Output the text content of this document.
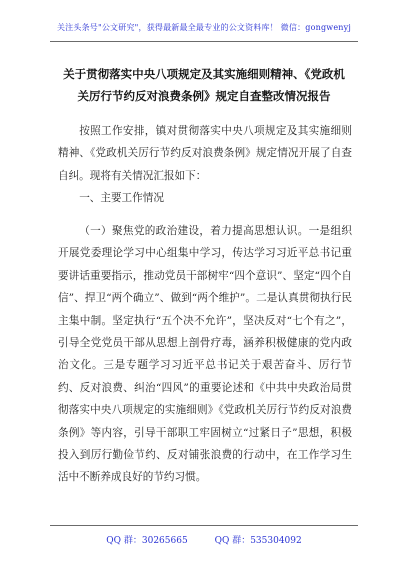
关注头条号"公文研究"，获得最新最全最专业的公文资料库！ 微信：gongwenyj
关于贯彻落实中央八项规定及其实施细则精神、《党政机关厉行节约反对浪费条例》规定自查整改情况报告
按照工作安排，镇对贯彻落实中央八项规定及其实施细则精神、《党政机关厉行节约反对浪费条例》规定情况开展了自查自纠。现将有关情况汇报如下：
一、主要工作情况
（一）聚焦党的政治建设，着力提高思想认识。一是组织开展党委理论学习中心组集中学习，传达学习习近平总书记重要讲话重要指示，推动党员干部树牢“四个意识”、坚定“四个自信”、捍卫“两个确立”、做到“两个维护”。二是认真贯彻执行民主集中制。坚定执行“五个决不允许”，坚决反对“七个有之”，引导全党党员干部从思想上剖骨疗毒，涵养积极健康的党内政治文化。三是专题学习习近平总书记关于艰苦奋斗、厉行节约、反对浪费、纠治“四风”的重要论述和《中共中央政治局贯彻落实中央八项规定的实施细则》《党政机关厉行节约反对浪费条例》等内容，引导干部职工牢固树立“过紧日子”思想，积极投入到厉行勤俭节约、反对铺张浪费的行动中，在工作学习生活中不断养成良好的节约习惯。
QQ 群：30265665	QQ 群：535304092
